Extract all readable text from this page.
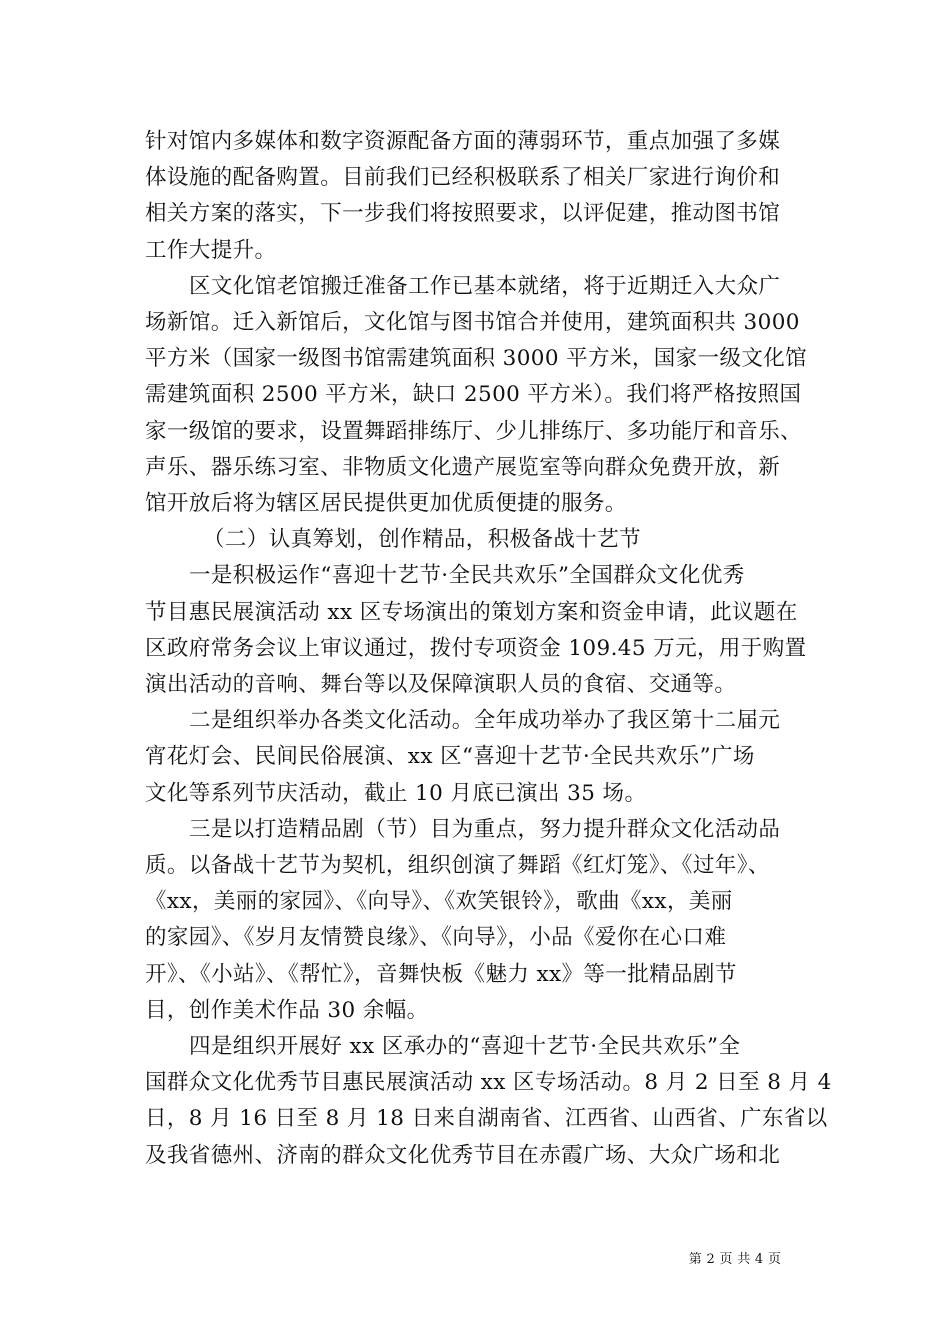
针对馆内多媒体和数字资源配备方面的薄弱环节，重点加强了多媒
体设施的配备购置。目前我们已经积极联系了相关厂家进行询价和
相关方案的落实，下一步我们将按照要求，以评促建，推动图书馆
工作大提升。
区文化馆老馆搬迁准备工作已基本就绪，将于近期迁入大众广
场新馆。迁入新馆后，文化馆与图书馆合并使用，建筑面积共 3000
平方米（国家一级图书馆需建筑面积 3000 平方米，国家一级文化馆
需建筑面积 2500 平方米，缺口 2500 平方米）。我们将严格按照国
家一级馆的要求，设置舞蹈排练厅、少儿排练厅、多功能厅和音乐、
声乐、器乐练习室、非物质文化遗产展览室等向群众免费开放，新
馆开放后将为辖区居民提供更加优质便捷的服务。
（二）认真筹划，创作精品，积极备战十艺节
一是积极运作“喜迎十艺节·全民共欢乐”全国群众文化优秀
节目惠民展演活动 xx 区专场演出的策划方案和资金申请，此议题在
区政府常务会议上审议通过，拨付专项资金 109.45 万元，用于购置
演出活动的音响、舞台等以及保障演职人员的食宿、交通等。
二是组织举办各类文化活动。全年成功举办了我区第十二届元
宵花灯会、民间民俗展演、xx 区“喜迎十艺节·全民共欢乐”广场
文化等系列节庆活动，截止 10 月底已演出 35 场。
三是以打造精品剧（节）目为重点，努力提升群众文化活动品
质。以备战十艺节为契机，组织创演了舞蹈《红灯笼》、《过年》、
《xx，美丽的家园》、《向导》、《欢笑银铃》，歌曲《xx，美丽
的家园》、《岁月友情赞良缘》、《向导》，小品《爱你在心口难
开》、《小站》、《帮忙》，音舞快板《魅力 xx》等一批精品剧节
目，创作美术作品 30 余幅。
四是组织开展好 xx 区承办的“喜迎十艺节·全民共欢乐”全
国群众文化优秀节目惠民展演活动 xx 区专场活动。8 月 2 日至 8 月 4
日，8 月 16 日至 8 月 18 日来自湖南省、江西省、山西省、广东省以
及我省德州、济南的群众文化优秀节目在赤霞广场、大众广场和北

第 2 页 共 4 页
